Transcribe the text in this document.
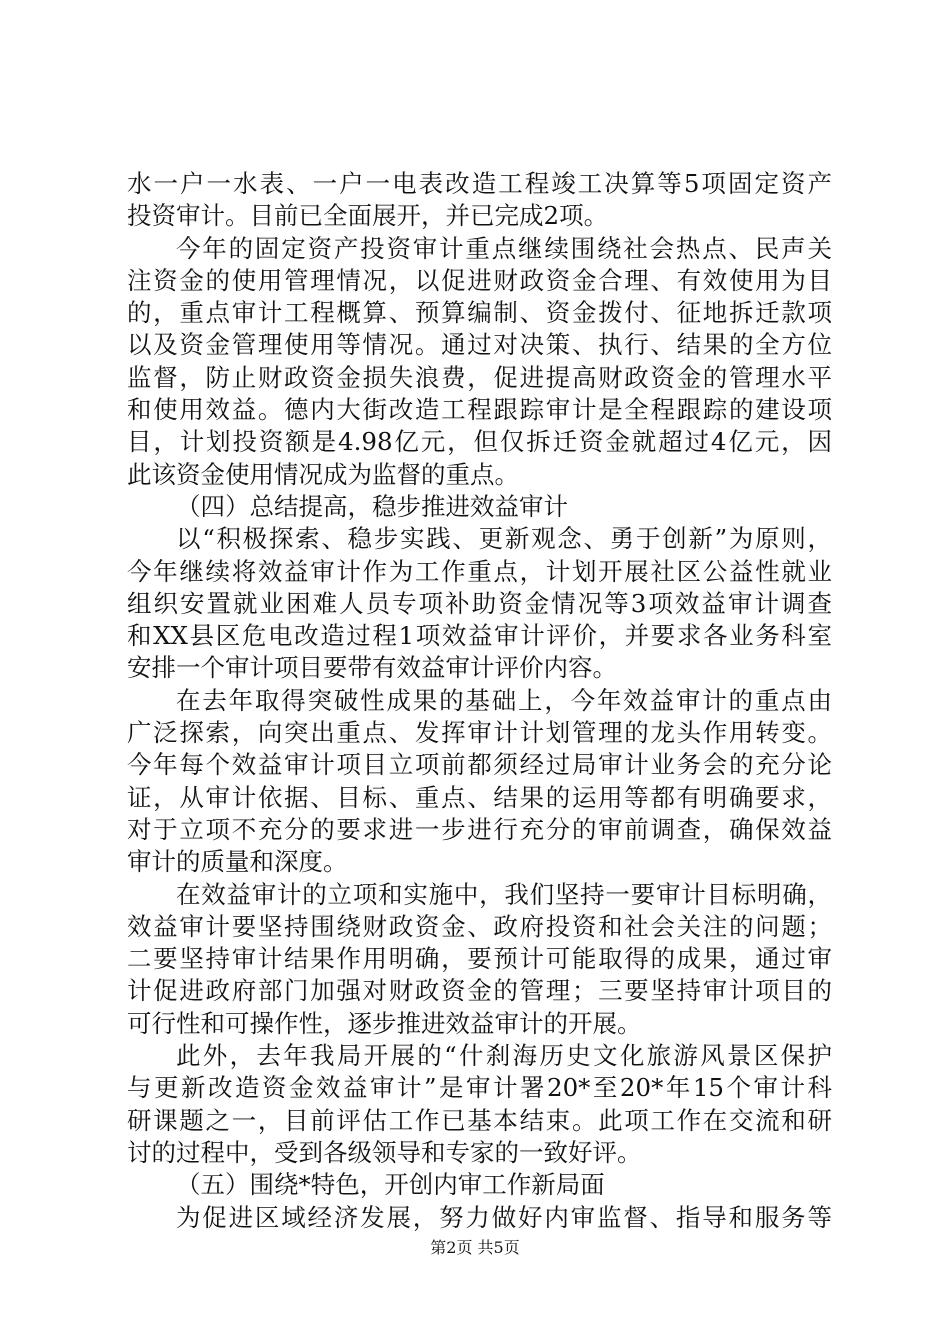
水一户一水表、一户一电表改造工程竣工决算等5项固定资产
投资审计。目前已全面展开，并已完成2项。
今年的固定资产投资审计重点继续围绕社会热点、民声关
注资金的使用管理情况，以促进财政资金合理、有效使用为目
的，重点审计工程概算、预算编制、资金拨付、征地拆迁款项
以及资金管理使用等情况。通过对决策、执行、结果的全方位
监督，防止财政资金损失浪费，促进提高财政资金的管理水平
和使用效益。德内大街改造工程跟踪审计是全程跟踪的建设项
目，计划投资额是4.98亿元，但仅拆迁资金就超过4亿元，因
此该资金使用情况成为监督的重点。
（四）总结提高，稳步推进效益审计
以“积极探索、稳步实践、更新观念、勇于创新”为原则，
今年继续将效益审计作为工作重点，计划开展社区公益性就业
组织安置就业困难人员专项补助资金情况等3项效益审计调查
和XX县区危电改造过程1项效益审计评价，并要求各业务科室
安排一个审计项目要带有效益审计评价内容。
在去年取得突破性成果的基础上，今年效益审计的重点由
广泛探索，向突出重点、发挥审计计划管理的龙头作用转变。
今年每个效益审计项目立项前都须经过局审计业务会的充分论
证，从审计依据、目标、重点、结果的运用等都有明确要求，
对于立项不充分的要求进一步进行充分的审前调查，确保效益
审计的质量和深度。
在效益审计的立项和实施中，我们坚持一要审计目标明确，
效益审计要坚持围绕财政资金、政府投资和社会关注的问题；
二要坚持审计结果作用明确，要预计可能取得的成果，通过审
计促进政府部门加强对财政资金的管理；三要坚持审计项目的
可行性和可操作性，逐步推进效益审计的开展。
此外，去年我局开展的“什刹海历史文化旅游风景区保护
与更新改造资金效益审计”是审计署20*至20*年15个审计科
研课题之一，目前评估工作已基本结束。此项工作在交流和研
讨的过程中，受到各级领导和专家的一致好评。
（五）围绕*特色，开创内审工作新局面
为促进区域经济发展，努力做好内审监督、指导和服务等
第2页 共5页
